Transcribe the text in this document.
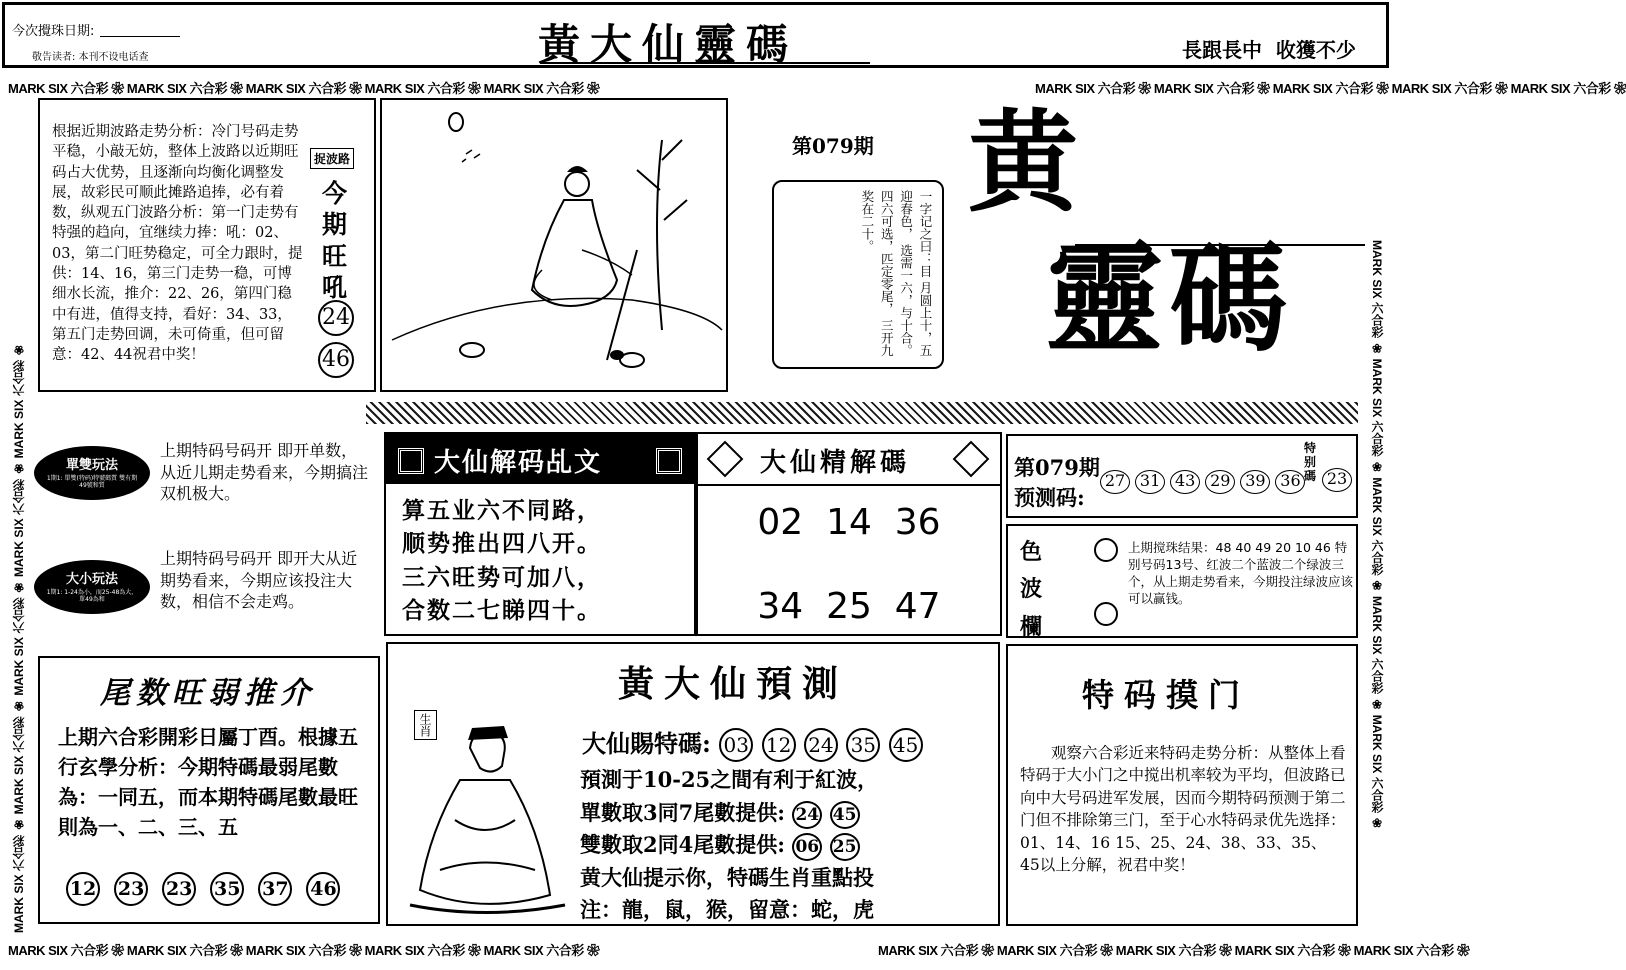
今次攪珠日期:
敬告读者: 本刊不设电话查	黃大仙靈碼	長跟長中  收獲不少
MARK SIX 六合彩 ❀ MARK SIX 六合彩 ❀ MARK SIX 六合彩 ❀ MARK SIX 六合彩 ❀ MARK SIX 六合彩 ❀	MARK SIX 六合彩 ❀ MARK SIX 六合彩 ❀ MARK SIX 六合彩 ❀ MARK SIX 六合彩 ❀ MARK SIX 六合彩 ❀
MARK SIX 六合彩 ❀ MARK SIX 六合彩 ❀ MARK SIX 六合彩 ❀ MARK SIX 六合彩 ❀ MARK SIX 六合彩 ❀	MARK SIX 六合彩 ❀ MARK SIX 六合彩 ❀ MARK SIX 六合彩 ❀ MARK SIX 六合彩 ❀ MARK SIX 六合彩 ❀
MARK SIX 六合彩 ❀ MARK SIX 六合彩 ❀ MARK SIX 六合彩 ❀ MARK SIX 六合彩 ❀ MARK SIX 六合彩 ❀	MARK SIX 六合彩 ❀ MARK SIX 六合彩 ❀ MARK SIX 六合彩 ❀ MARK SIX 六合彩 ❀ MARK SIX 六合彩 ❀
根据近期波路走势分析：冷门号码走势平稳，小敲无妨，整体上波路以近期旺码占大优势，且逐渐向均衡化调整发展，故彩民可顺此摊路追捧，必有着数，纵观五门波路分析：第一门走势有特强的趋向，宜继续力捧：吼：02、03，第二门旺势稳定，可全力跟时，提供：14、16，第三门走势一稳，可博细水长流，推介：22、26，第四门稳中有进，值得支持，看好：34、33，第五门走势回调，未可倚重，但可留意：42、44祝君中奖！
捉波路
今期旺吼
24 46
第079期
一字记之曰：目 月圆上十，五迎春色， 选需一六，与十合。 四六可选，匹定零尾， 三开九奖在二十。 黄
靈碼
單雙玩法
1期1: 單雙(特码)特號碼質 雙有期49號和質
上期特码号码开 即开单数，从近儿期走势看来，今期搞注双机极大。
大小玩法
1期1: 1-24為小，而25-48為大，單49為和
上期特码号码开 即开大从近期势看来，今期应该投注大数，相信不会走鸡。
大仙解码乩文
算五业六不同路，
顺势推出四八开。
三六旺势可加八，
合数二七睇四十。
大仙精解碼
02  14  36
34  25  47
第079期
预测码:
27 31 43 29 39 36
特别碼 23
色波欄
上期搅珠结果：48 40 49 20 10 46 特别号码13号、红波二个蓝波二个绿波三个，从上期走势看来，今期投注绿波应该可以赢钱。
尾数旺弱推介
上期六合彩開彩日屬丁酉。根據五行玄學分析：今期特碼最弱尾數為：一同五，而本期特碼尾數最旺則為一、二、三、五
12 23 23 35 37 46
黃大仙預測
生肖
大仙賜特碼: 03 12 24 35 45
預測于10-25之間有利于紅波，
單數取3同7尾數提供: 24 45
雙數取2同4尾數提供: 06 25
黄大仙提示你，特碼生肖重點投
注：龍，鼠，猴，留意：蛇，虎
特码摸门
观察六合彩近来特码走势分析：从整体上看特码于大小门之中搅出机率较为平均，但波路已向中大号码进军发展，因而今期特码预测于第二门但不排除第三门，至于心水特码录优先选择：01、14、16 15、25、24、38、33、35、45以上分解，祝君中奖！
